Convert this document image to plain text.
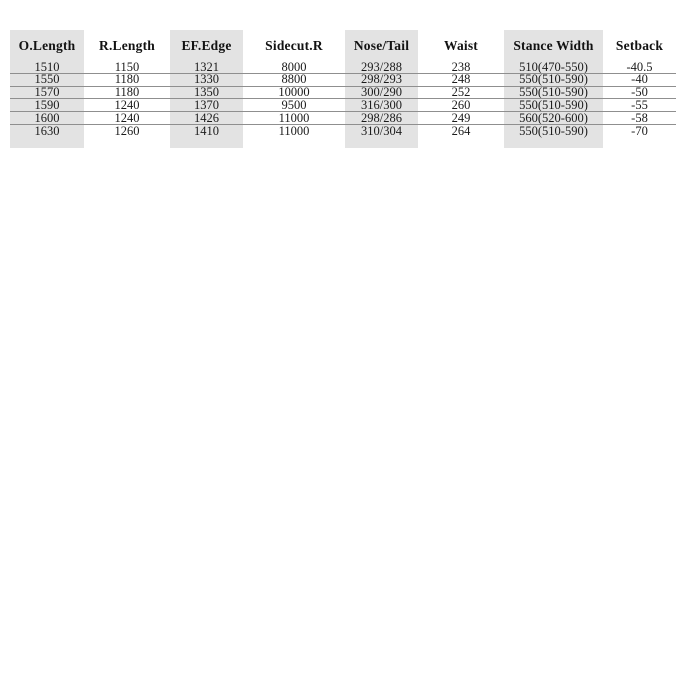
O.Length	R.Length	EF.Edge	Sidecut.R	Nose/Tail	Waist	Stance Width	Setback
1510	1150	1321	8000	293/288	238	510(470-550)	-40.5
1550	1180	1330	8800	298/293	248	550(510-590)	-40
1570	1180	1350	10000	300/290	252	550(510-590)	-50
1590	1240	1370	9500	316/300	260	550(510-590)	-55
1600	1240	1426	11000	298/286	249	560(520-600)	-58
1630	1260	1410	11000	310/304	264	550(510-590)	-70
